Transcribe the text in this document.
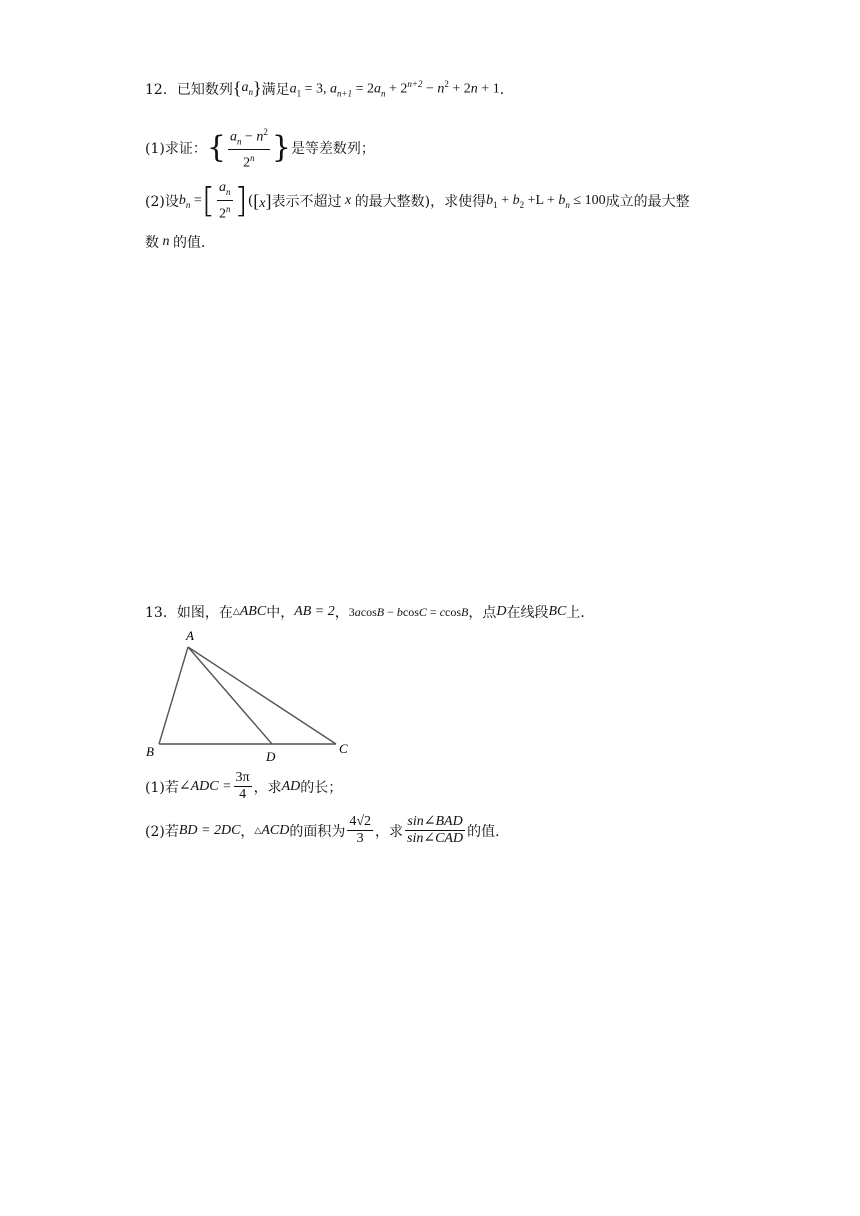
12． 已知数列 { $a_n$ } 满足 $a_1 = 3$, $a_{n+1} = 2a_n + 2^{n+2} - n^2 + 2n + 1$ ．
(1)求证： { $\frac{a_n - n^2}{2^n}$ } 是等差数列；
(2)设 $b_n$ = [ $\frac{a_n}{2^n}$ ] ( [x] 表示不超过 x 的最大整数)，求使得 $b_1 + b_2 +L + b_n \le 100$ 成立的最大整
数 n 的值．
13． 如图，在 △ ABC 中， AB = 2 ， 3acosB − bcosC = ccosB ，点 D 在线段 BC 上．
A
B	C
D
(1)若 ∠ADC = $\frac{3\pi}{4}$ ，求 AD 的长；
(2)若 BD = 2DC ， △ ACD 的面积为 $\frac{4√2}{3}$ ，求 $\frac{\text{sin∠BAD}}{\text{sin∠CAD}}$ 的值．
